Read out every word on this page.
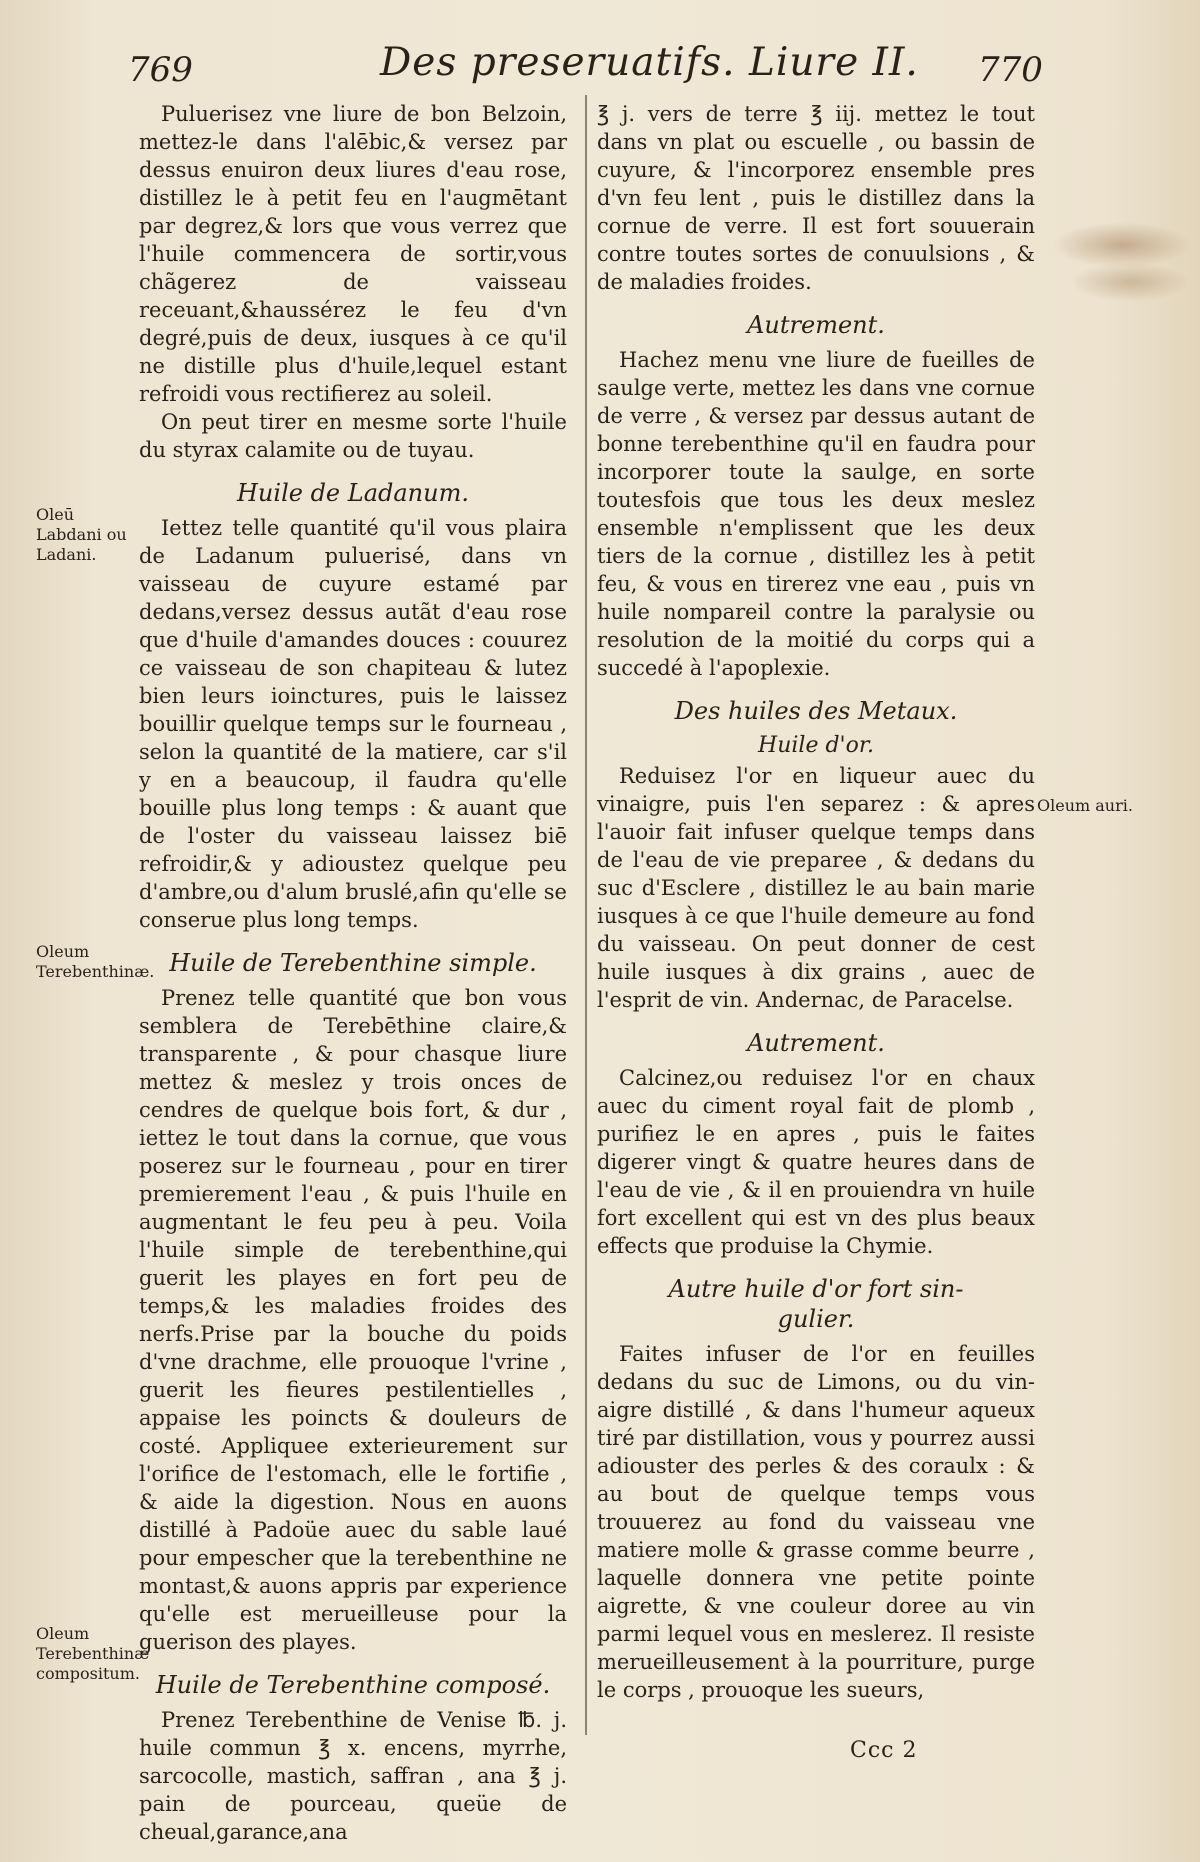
769	Des preseruatifs. Liure II. 770
Oleū Labdani ou Ladani.
Oleum Terebenthinæ.
Oleum Terebenthinæ compositum.
Oleum auri.

Puluerisez vne liure de bon Belzoin, mettez-le dans l'alēbic,& versez par dessus enuiron deux liures d'eau rose, distillez le à petit feu en l'augmētant par degrez,& lors que vous verrez que l'huile commencera de sortir,vous chãgerez de vaisseau receuant,&haussérez le feu d'vn degré,puis de deux, iusques à ce qu'il ne distille plus d'huile,lequel estant refroidi vous rectifierez au soleil.

On peut tirer en mesme sorte l'huile du styrax calamite ou de tuyau.

Huile de Ladanum.

Iettez telle quantité qu'il vous plaira de Ladanum puluerisé, dans vn vaisseau de cuyure estamé par dedans,versez dessus autãt d'eau rose que d'huile d'amandes douces : couurez ce vaisseau de son chapiteau & lutez bien leurs ioinctures, puis le laissez bouillir quelque temps sur le fourneau , selon la quantité de la matiere, car s'il y en a beaucoup, il faudra qu'elle bouille plus long temps : & auant que de l'oster du vaisseau laissez biē refroidir,& y adioustez quelque peu d'ambre,ou d'alum bruslé,afin qu'elle se conserue plus long temps.

Huile de Terebenthine simple.

Prenez telle quantité que bon vous semblera de Terebēthine claire,& transparente , & pour chasque liure mettez & meslez y trois onces de cendres de quelque bois fort, & dur , iettez le tout dans la cornue, que vous poserez sur le fourneau , pour en tirer premierement l'eau , & puis l'huile en augmentant le feu peu à peu. Voila l'huile simple de terebenthine,qui guerit les playes en fort peu de temps,& les maladies froides des nerfs.Prise par la bouche du poids d'vne drachme, elle prouoque l'vrine , guerit les fieures pestilentielles , appaise les poincts & douleurs de costé. Appliquee exterieurement sur l'orifice de l'estomach, elle le fortifie , & aide la digestion. Nous en auons distillé à Padoüe auec du sable laué pour empescher que la terebenthine ne montast,& auons appris par experience qu'elle est merueilleuse pour la guerison des playes.

Huile de Terebenthine composé.

Prenez Terebenthine de Venise ℔. j. huile commun ℥ x. encens, myrrhe, sarcocolle, mastich, saffran , ana ℥ j. pain de pourceau, queüe de cheual,garance,ana

℥ j. vers de terre ℥ iij. mettez le tout dans vn plat ou escuelle , ou bassin de cuyure, & l'incorporez ensemble pres d'vn feu lent , puis le distillez dans la cornue de verre. Il est fort souuerain contre toutes sortes de conuulsions , & de maladies froides.

Autrement.

Hachez menu vne liure de fueilles de saulge verte, mettez les dans vne cornue de verre , & versez par dessus autant de bonne terebenthine qu'il en faudra pour incorporer toute la saulge, en sorte toutesfois que tous les deux meslez ensemble n'emplissent que les deux tiers de la cornue , distillez les à petit feu, & vous en tirerez vne eau , puis vn huile nompareil contre la paralysie ou resolution de la moitié du corps qui a succedé à l'apoplexie.

Des huiles des Metaux.
Huile d'or.

Reduisez l'or en liqueur auec du vinaigre, puis l'en separez : & apres l'auoir fait infuser quelque temps dans de l'eau de vie preparee , & dedans du suc d'Esclere , distillez le au bain marie iusques à ce que l'huile demeure au fond du vaisseau. On peut donner de cest huile iusques à dix grains , auec de l'esprit de vin. Andernac, de Paracelse.

Autrement.

Calcinez,ou reduisez l'or en chaux auec du ciment royal fait de plomb , purifiez le en apres , puis le faites digerer vingt & quatre heures dans de l'eau de vie , & il en prouiendra vn huile fort excellent qui est vn des plus beaux effects que produise la Chymie.

Autre huile d'or fort sin-
gulier.

Faites infuser de l'or en feuilles dedans du suc de Limons, ou du vin-aigre distillé , & dans l'humeur aqueux tiré par distillation, vous y pourrez aussi adiouster des perles & des coraulx : & au bout de quelque temps vous trouuerez au fond du vaisseau vne matiere molle & grasse comme beurre , laquelle donnera vne petite pointe aigrette, & vne couleur doree au vin parmi lequel vous en meslerez. Il resiste merueilleusement à la pourriture, purge le corps , prouoque les sueurs,

Ccc 2
